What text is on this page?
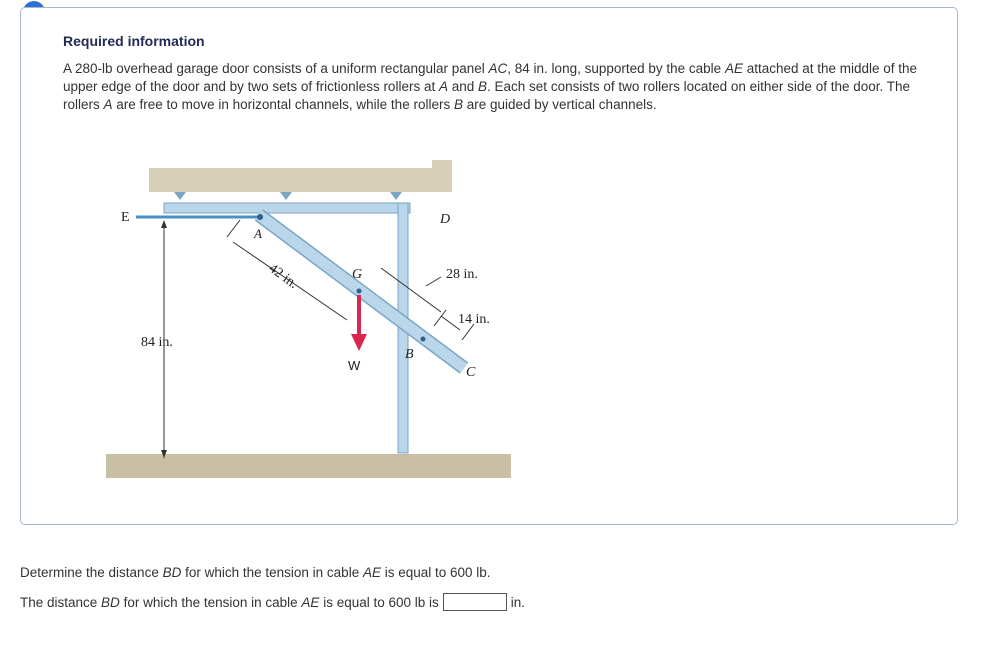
Required information
A 280-lb overhead garage door consists of a uniform rectangular panel AC, 84 in. long, supported by the cable AE attached at the middle of the upper edge of the door and by two sets of frictionless rollers at A and B. Each set consists of two rollers located on either side of the door. The rollers A are free to move in horizontal channels, while the rollers B are guided by vertical channels.
E
A
D
G
B
C
W
42 in.	28 in.
14 in.
84 in.
Determine the distance BD for which the tension in cable AE is equal to 600 lb.
The distance BD for which the tension in cable AE is equal to 600 lb is	in.
